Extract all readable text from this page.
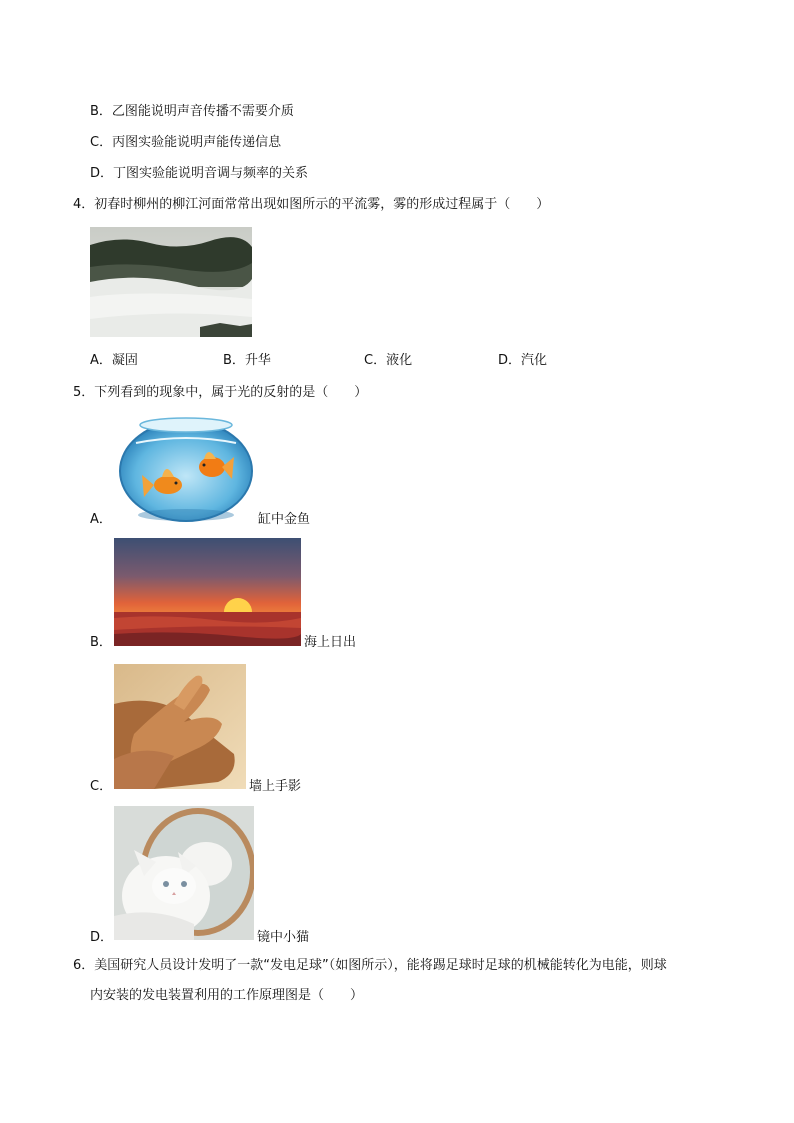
B．乙图能说明声音传播不需要介质
C．丙图实验能说明声能传递信息
D．丁图实验能说明音调与频率的关系
4．初春时柳州的柳江河面常常出现如图所示的平流雾，雾的形成过程属于（　　）
A．凝固	B．升华	C．液化	D．汽化
5．下列看到的现象中，属于光的反射的是（　　）
A．	缸中金鱼
B．	海上日出
C．	墙上手影
D．	镜中小猫
6．美国研究人员设计发明了一款“发电足球”（如图所示），能将踢足球时足球的机械能转化为电能，则球
内安装的发电装置利用的工作原理图是（　　）
